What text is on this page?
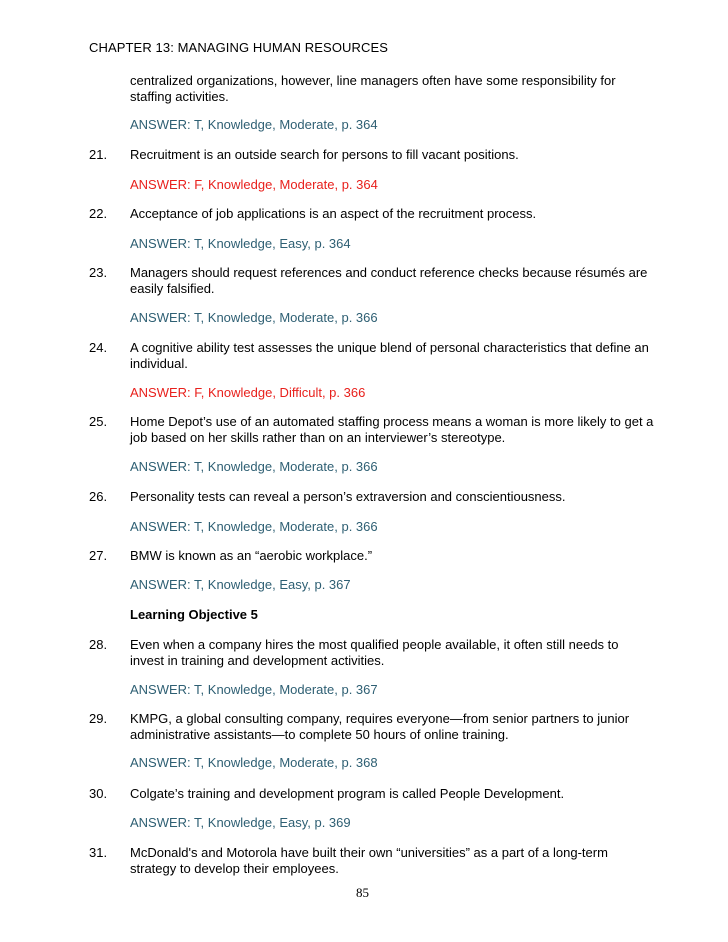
CHAPTER 13: MANAGING HUMAN RESOURCES
centralized organizations, however, line managers often have some responsibility for staffing activities.
ANSWER: T, Knowledge, Moderate, p. 364
21. Recruitment is an outside search for persons to fill vacant positions.
ANSWER: F, Knowledge, Moderate, p. 364
22. Acceptance of job applications is an aspect of the recruitment process.
ANSWER: T, Knowledge, Easy, p. 364
23. Managers should request references and conduct reference checks because résumés are easily falsified.
ANSWER: T, Knowledge, Moderate, p. 366
24. A cognitive ability test assesses the unique blend of personal characteristics that define an individual.
ANSWER: F, Knowledge, Difficult, p. 366
25. Home Depot’s use of an automated staffing process means a woman is more likely to get a job based on her skills rather than on an interviewer’s stereotype.
ANSWER: T, Knowledge, Moderate, p. 366
26. Personality tests can reveal a person’s extraversion and conscientiousness.
ANSWER: T, Knowledge, Moderate, p. 366
27. BMW is known as an “aerobic workplace.”
ANSWER: T, Knowledge, Easy, p. 367
Learning Objective 5
28. Even when a company hires the most qualified people available, it often still needs to invest in training and development activities.
ANSWER: T, Knowledge, Moderate, p. 367
29. KMPG, a global consulting company, requires everyone—from senior partners to junior administrative assistants—to complete 50 hours of online training.
ANSWER: T, Knowledge, Moderate, p. 368
30. Colgate’s training and development program is called People Development.
ANSWER: T, Knowledge, Easy, p. 369
31. McDonald's and Motorola have built their own “universities” as a part of a long-term strategy to develop their employees.
85
